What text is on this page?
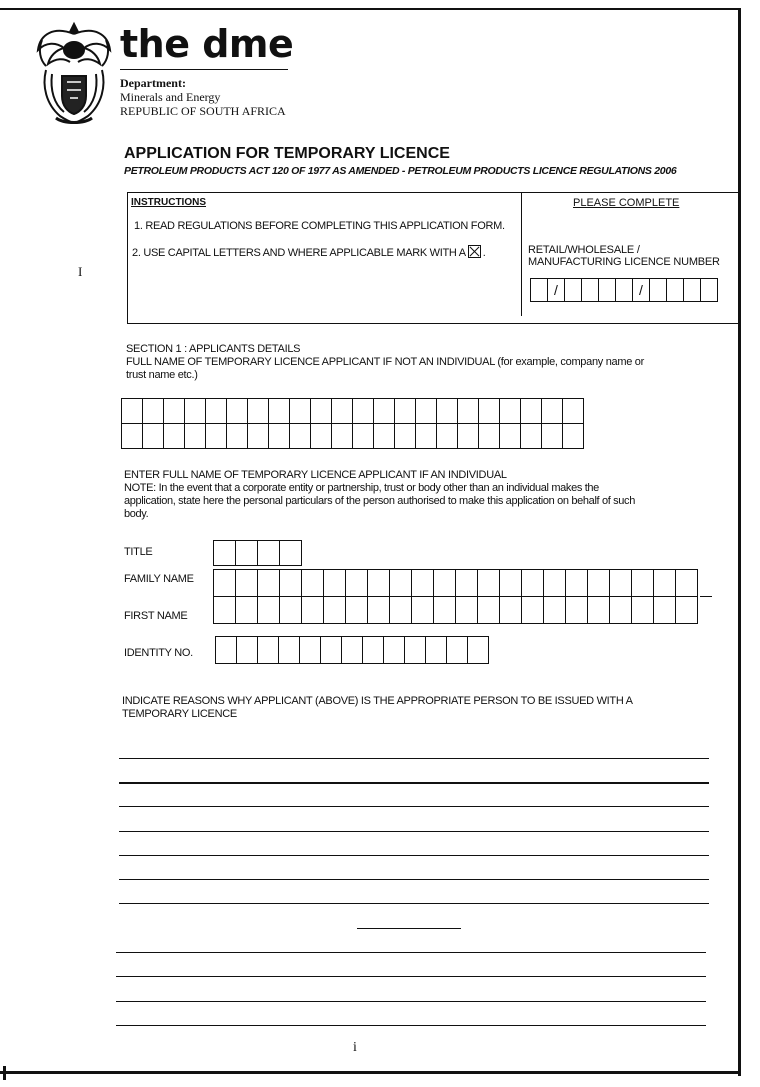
the dme
Department:
Minerals and Energy
REPUBLIC OF SOUTH AFRICA
APPLICATION FOR TEMPORARY LICENCE
PETROLEUM PRODUCTS ACT 120 OF 1977 AS AMENDED - PETROLEUM PRODUCTS LICENCE REGULATIONS 2006
INSTRUCTIONS
1. READ REGULATIONS BEFORE COMPLETING THIS APPLICATION FORM.
2. USE CAPITAL LETTERS AND WHERE APPLICABLE MARK WITH A .
PLEASE COMPLETE
RETAIL/WHOLESALE / MANUFACTURING LICENCE NUMBER
/	/
I
SECTION 1 : APPLICANTS DETAILS
FULL NAME OF TEMPORARY LICENCE APPLICANT IF NOT AN INDIVIDUAL (for example, company name or trust name etc.)
ENTER FULL NAME OF TEMPORARY LICENCE APPLICANT IF AN INDIVIDUAL
NOTE: In the event that a corporate entity or partnership, trust or body other than an individual makes the application, state here the personal particulars of the person authorised to make this application on behalf of such body.
TITLE
FAMILY NAME
FIRST NAME
IDENTITY NO.
INDICATE REASONS WHY APPLICANT (ABOVE) IS THE APPROPRIATE PERSON TO BE ISSUED WITH A TEMPORARY LICENCE
i
